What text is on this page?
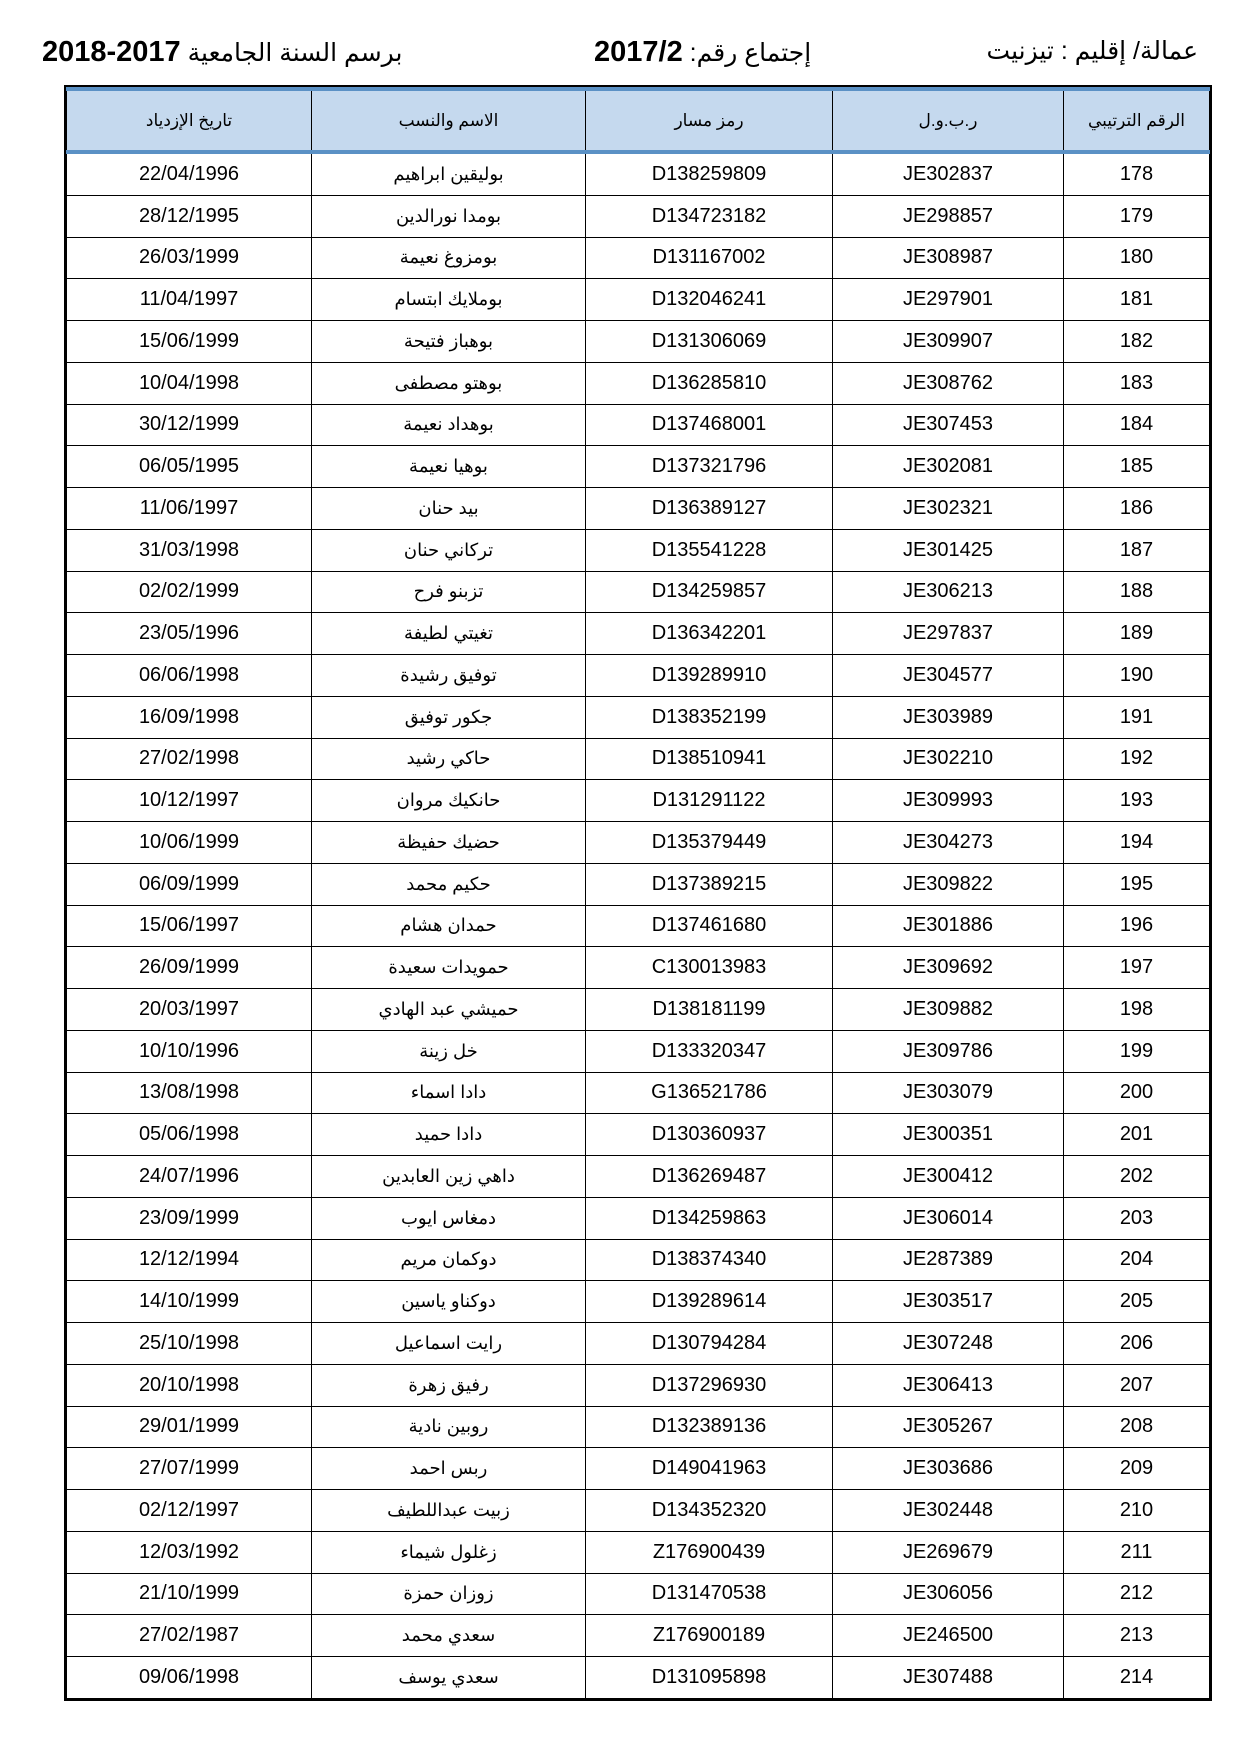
2018-2017 برسم السنة الجامعية	2017/2 إجتماع رقم:	عمالة/ إقليم : تيزنيت
تاريخ الإزدياد	الاسم والنسب	رمز مسار	ر.ب.و.ل	الرقم الترتيبي
22/04/1996	بوليقين ابراهيم	D138259809	JE302837	178
28/12/1995	بومدا نورالدين	D134723182	JE298857	179
26/03/1999	بومزوغ نعيمة	D131167002	JE308987	180
11/04/1997	بوملايك ابتسام	D132046241	JE297901	181
15/06/1999	بوهباز فتيحة	D131306069	JE309907	182
10/04/1998	بوهتو مصطفى	D136285810	JE308762	183
30/12/1999	بوهداد نعيمة	D137468001	JE307453	184
06/05/1995	بوهيا نعيمة	D137321796	JE302081	185
11/06/1997	بيد حنان	D136389127	JE302321	186
31/03/1998	تركاني حنان	D135541228	JE301425	187
02/02/1999	تزبنو فرح	D134259857	JE306213	188
23/05/1996	تغيتي لطيفة	D136342201	JE297837	189
06/06/1998	توفيق رشيدة	D139289910	JE304577	190
16/09/1998	جكور توفيق	D138352199	JE303989	191
27/02/1998	حاكي رشيد	D138510941	JE302210	192
10/12/1997	حانكيك مروان	D131291122	JE309993	193
10/06/1999	حضيك حفيظة	D135379449	JE304273	194
06/09/1999	حكيم محمد	D137389215	JE309822	195
15/06/1997	حمدان هشام	D137461680	JE301886	196
26/09/1999	حمويدات سعيدة	C130013983	JE309692	197
20/03/1997	حميشي عبد الهادي	D138181199	JE309882	198
10/10/1996	خل زينة	D133320347	JE309786	199
13/08/1998	دادا اسماء	G136521786	JE303079	200
05/06/1998	دادا حميد	D130360937	JE300351	201
24/07/1996	داهي زين العابدين	D136269487	JE300412	202
23/09/1999	دمغاس ايوب	D134259863	JE306014	203
12/12/1994	دوكمان مريم	D138374340	JE287389	204
14/10/1999	دوكناو ياسين	D139289614	JE303517	205
25/10/1998	رايت اسماعيل	D130794284	JE307248	206
20/10/1998	رفيق زهرة	D137296930	JE306413	207
29/01/1999	روبين نادية	D132389136	JE305267	208
27/07/1999	ربس احمد	D149041963	JE303686	209
02/12/1997	زبيت عبداللطيف	D134352320	JE302448	210
12/03/1992	زغلول شيماء	Z176900439	JE269679	211
21/10/1999	زوزان حمزة	D131470538	JE306056	212
27/02/1987	سعدي محمد	Z176900189	JE246500	213
09/06/1998	سعدي يوسف	D131095898	JE307488	214
